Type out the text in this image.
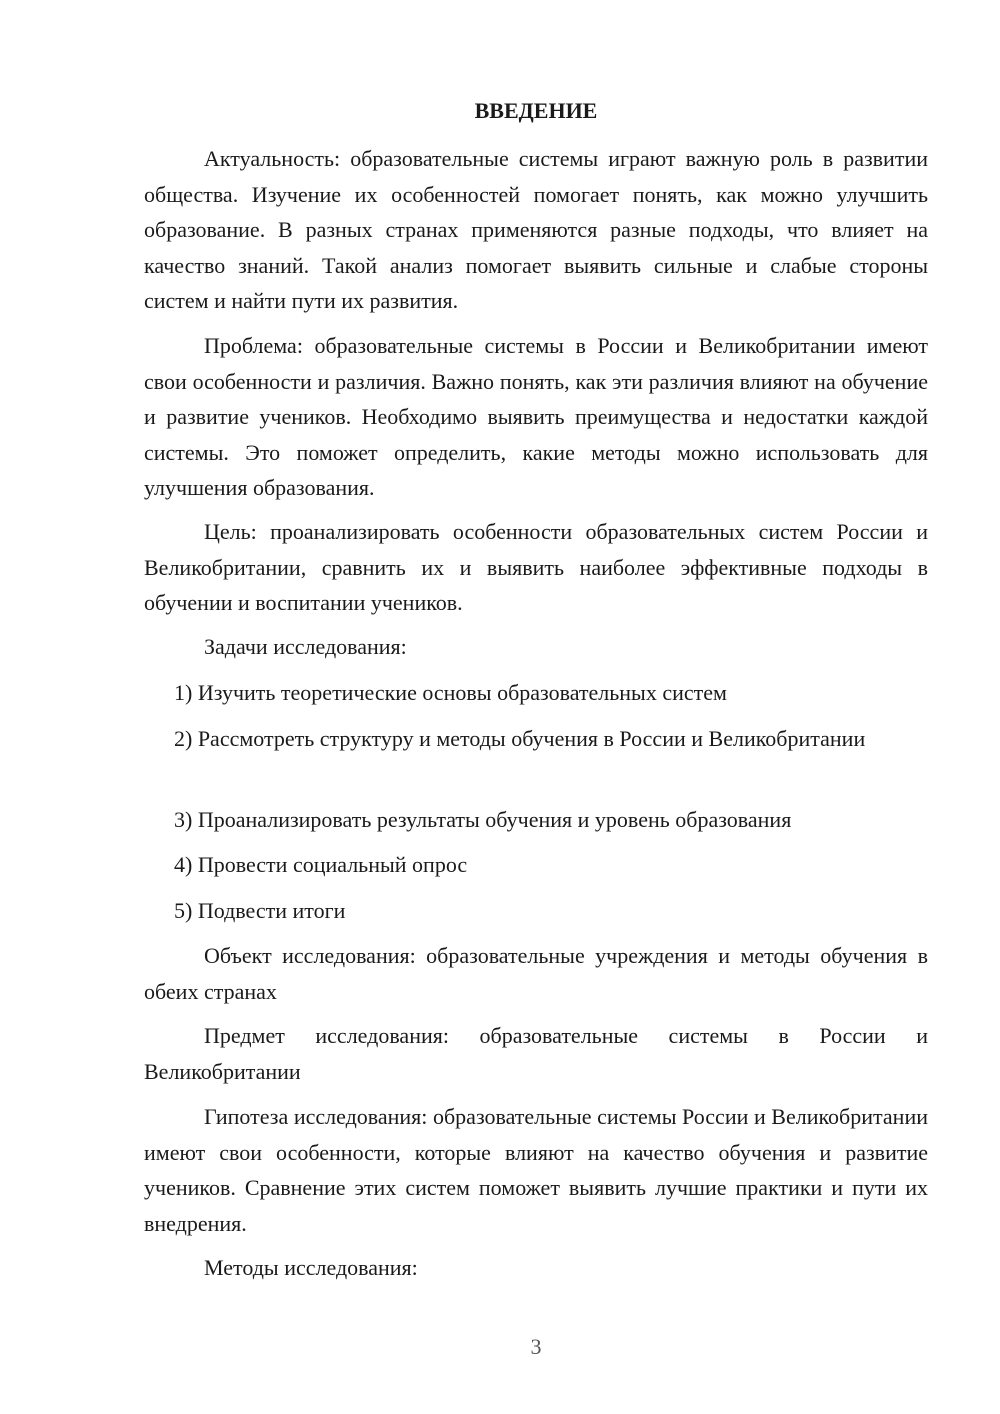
ВВЕДЕНИЕ

Актуальность: образовательные системы играют важную роль в развитии общества. Изучение их особенностей помогает понять, как можно улучшить образование. В разных странах применяются разные подходы, что влияет на качество знаний. Такой анализ помогает выявить сильные и слабые стороны систем и найти пути их развития.

Проблема: образовательные системы в России и Великобритании имеют свои особенности и различия. Важно понять, как эти различия влияют на обучение и развитие учеников. Необходимо выявить преимущества и недостатки каждой системы. Это поможет определить, какие методы можно использовать для улучшения образования.

Цель: проанализировать особенности образовательных систем России и Великобритании, сравнить их и выявить наиболее эффективные подходы в обучении и воспитании учеников.

Задачи исследования:

1) Изучить теоретические основы образовательных систем

2) Рассмотреть структуру и методы обучения в России и Великобритании

3) Проанализировать результаты обучения и уровень образования

4) Провести социальный опрос

5) Подвести итоги

Объект исследования: образовательные учреждения и методы обучения в обеих странах

Предмет исследования: образовательные системы в России и Великобритании

Гипотеза исследования: образовательные системы России и Великобритании имеют свои особенности, которые влияют на качество обучения и развитие учеников. Сравнение этих систем поможет выявить лучшие практики и пути их внедрения.

Методы исследования:

3
